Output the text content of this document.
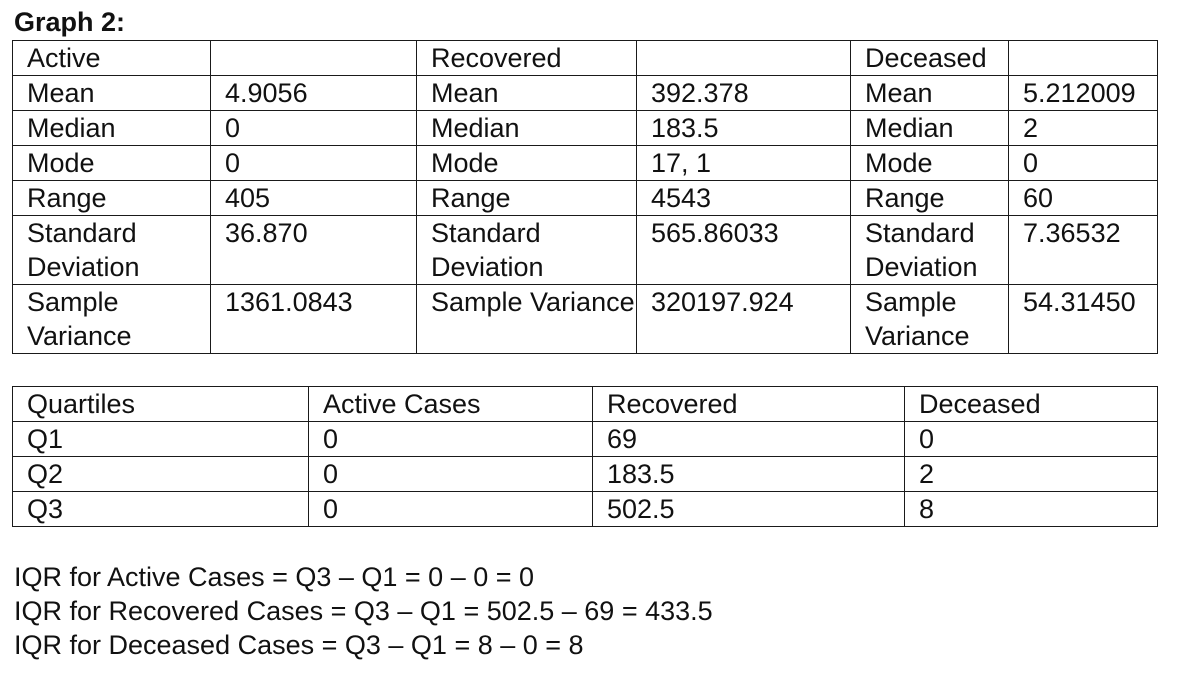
Graph 2:
Active		Recovered		Deceased	
Mean	4.9056	Mean	392.378	Mean	5.212009
Median	0	Median	183.5	Median	2
Mode	0	Mode	17, 1	Mode	0
Range	405	Range	4543	Range	60
Standard Deviation	36.870	Standard Deviation	565.86033	Standard Deviation	7.36532
Sample Variance	1361.0843	Sample Variance	320197.924	Sample Variance	54.31450
Quartiles	Active Cases	Recovered	Deceased
Q1	0	69	0
Q2	0	183.5	2
Q3	0	502.5	8
IQR for Active Cases = Q3 – Q1 = 0 – 0 = 0
IQR for Recovered Cases = Q3 – Q1 = 502.5 – 69 = 433.5
IQR for Deceased Cases = Q3 – Q1 = 8 – 0 = 8
